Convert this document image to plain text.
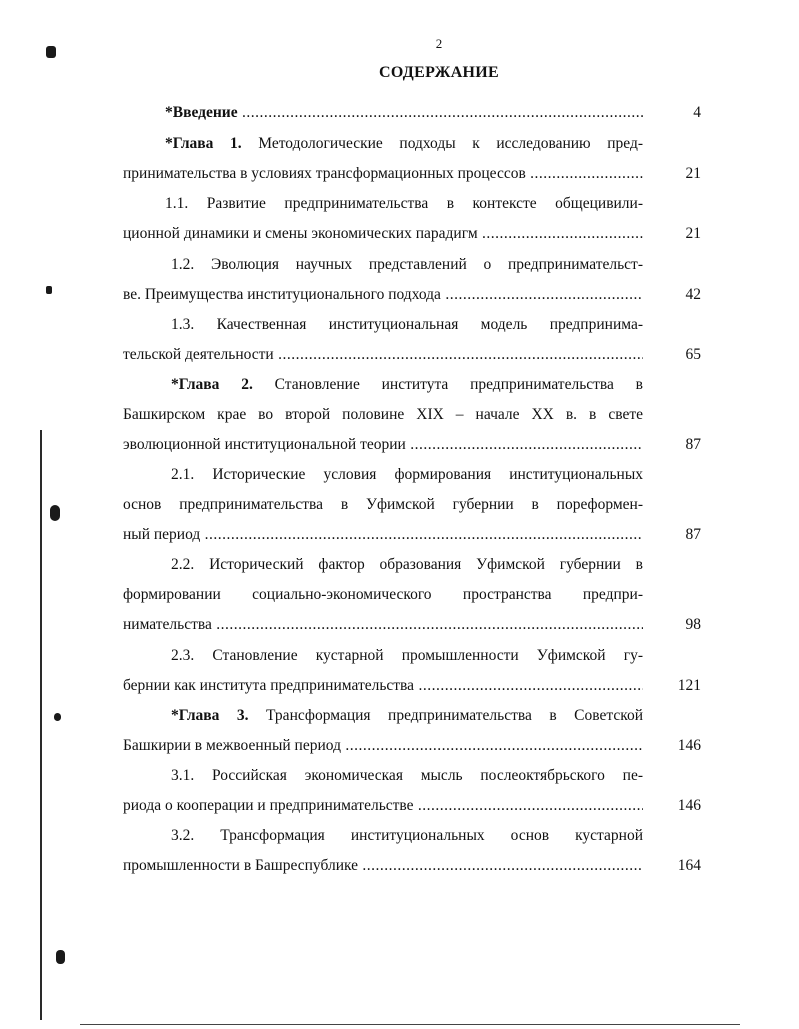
2
СОДЕРЖАНИЕ
*Введение .....	4
*Глава 1. Методологические подходы к исследованию пред-
принимательства в условиях трансформационных процессов .....	21
1.1. Развитие предпринимательства в контексте общецивили-
ционной динамики и смены экономических парадигм .....	21
1.2. Эволюция научных представлений о предпринимательст-
ве. Преимущества институционального подхода .....	42
1.3. Качественная институциональная модель предпринима-
тельской деятельности .....	65
*Глава 2. Становление института предпринимательства в
Башкирском крае во второй половине XIX – начале XX в. в свете
эволюционной институциональной теории .....	87
2.1. Исторические условия формирования институциональных
основ предпринимательства в Уфимской губернии в пореформен-
ный период .....	87
2.2. Исторический фактор образования Уфимской губернии в
формировании социально-экономического пространства предпри-
нимательства .....	98
2.3. Становление кустарной промышленности Уфимской гу-
бернии как института предпринимательства .....	121
*Глава 3. Трансформация предпринимательства в Советской
Башкирии в межвоенный период .....	146
3.1. Российская экономическая мысль послеоктябрьского пе-
риода о кооперации и предпринимательстве .....	146
3.2. Трансформация институциональных основ кустарной
промышленности в Башреспублике .....	164
